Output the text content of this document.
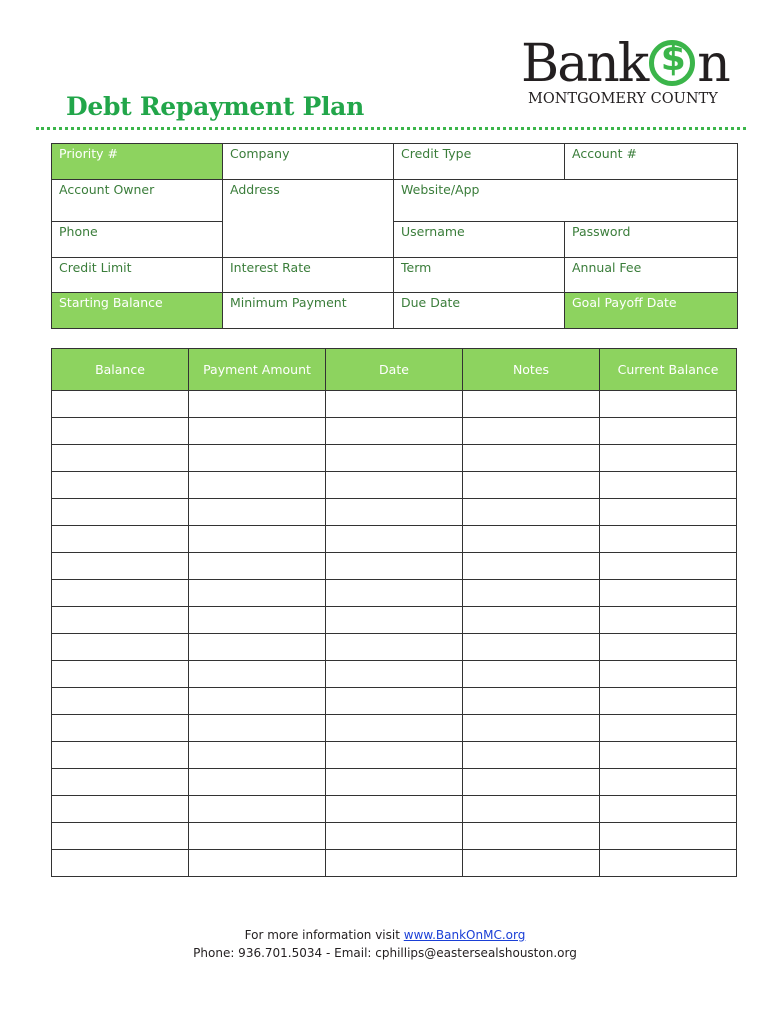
Debt Repayment Plan
Bank $ n
MONTGOMERY COUNTY
Priority #	Company	Credit Type	Account #
Account Owner	Address	Website/App
Phone	Username	Password
Credit Limit	Interest Rate	Term	Annual Fee
Starting Balance	Minimum Payment	Due Date	Goal Payoff Date
Balance	Payment Amount	Date	Notes	Current Balance

For more information visit www.BankOnMC.org
Phone: 936.701.5034 - Email: cphillips@eastersealshouston.org
